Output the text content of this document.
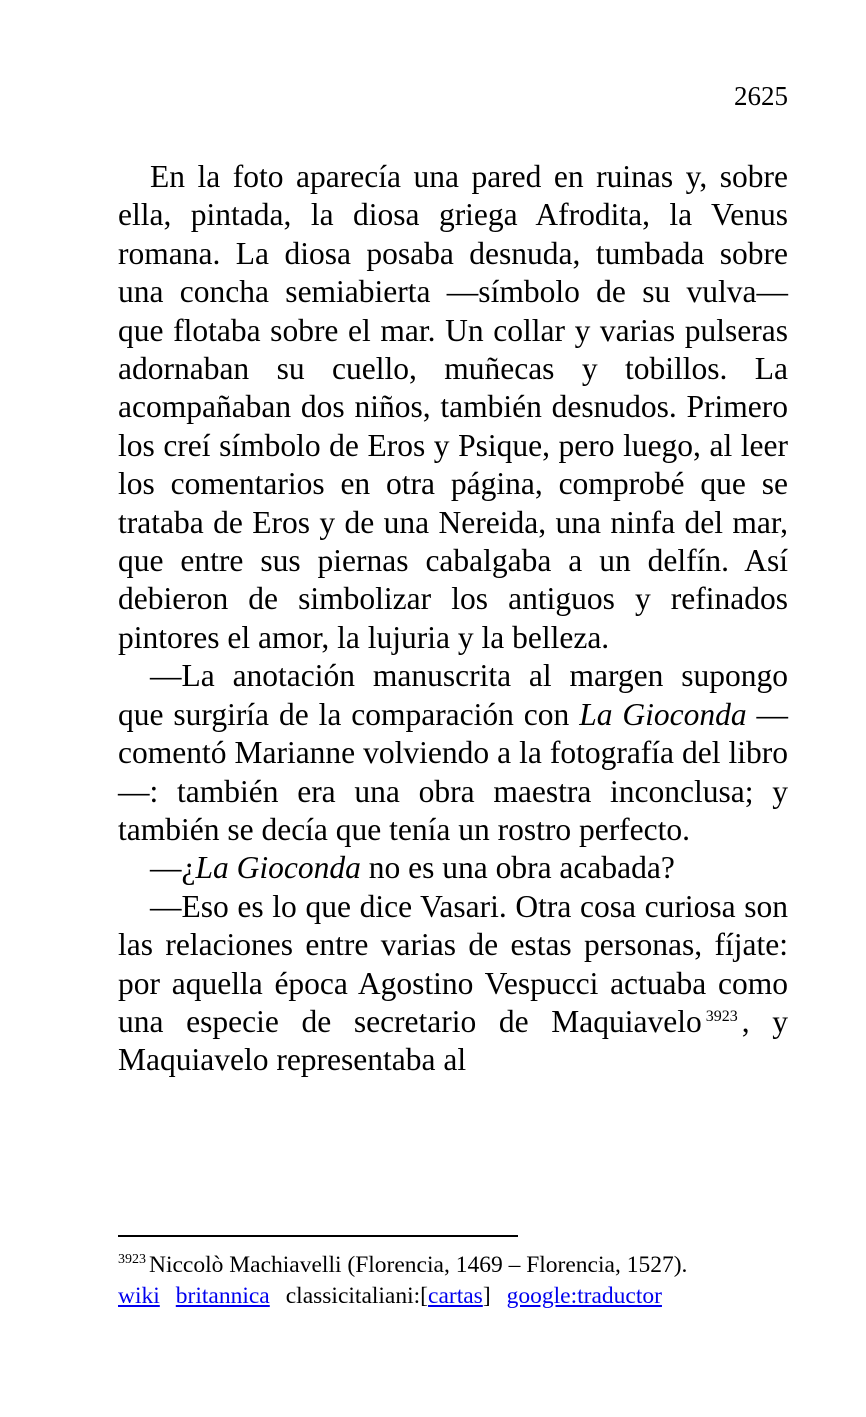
2625

En la foto aparecía una pared en ruinas y, sobre ella, pintada, la diosa griega Afrodita, la Venus romana. La diosa posaba desnuda, tumbada sobre una concha semiabierta —símbolo de su vulva— que flotaba sobre el mar. Un collar y varias pulseras adornaban su cuello, muñecas y tobillos. La acompañaban dos niños, también desnudos. Primero los creí símbolo de Eros y Psique, pero luego, al leer los comentarios en otra página, comprobé que se trataba de Eros y de una Nereida, una ninfa del mar, que entre sus piernas cabalgaba a un delfín. Así debieron de simbolizar los antiguos y refinados pintores el amor, la lujuria y la belleza.

—La anotación manuscrita al margen supongo que surgiría de la comparación con La Gioconda —comentó Marianne volviendo a la fotografía del libro—: también era una obra maestra inconclusa; y también se decía que tenía un rostro perfecto.

—¿La Gioconda no es una obra acabada?

—Eso es lo que dice Vasari. Otra cosa curiosa son las relaciones entre varias de estas personas, fíjate: por aquella época Agostino Vespucci actuaba como una especie de secretario de Maquiavelo $^{3923}$ , y Maquiavelo representaba al

$^{3923}$ Niccolò Machiavelli (Florencia, 1469 – Florencia, 1527).
wiki britannica classicitaliani:[cartas] google:traductor
